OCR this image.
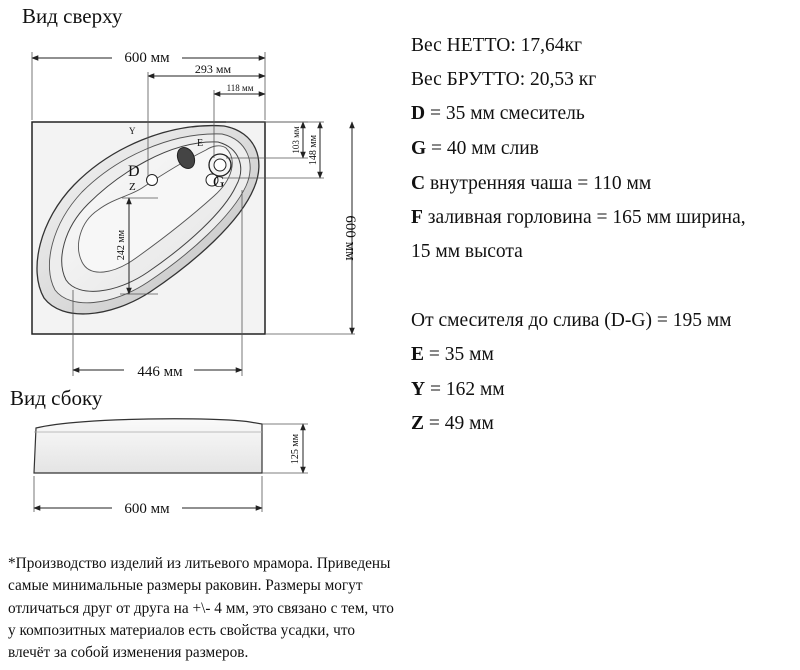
Вид сверху
Вид сбоку
Y
D
Z
E
G
600 мм
293 мм
118 мм
103 мм 148 мм
600 мм
242 мм
446 мм
125 мм
600 мм
Вес НЕТТО: 17,64кг
Вес БРУТТО: 20,53 кг
D = 35 мм смеситель
G = 40 мм слив
C внутренняя чаша = 110 мм
F заливная горловина = 165 мм ширина,
15 мм высота
От смесителя до слива (D-G) = 195 мм
E = 35 мм
Y = 162 мм
Z = 49 мм

*Производство изделий из литьевого мрамора. Приведены

самые минимальные размеры раковин. Размеры могут

отличаться друг от друга на +\- 4 мм, это связано с тем, что

у композитных материалов есть свойства усадки, что

влечёт за собой изменения размеров.
